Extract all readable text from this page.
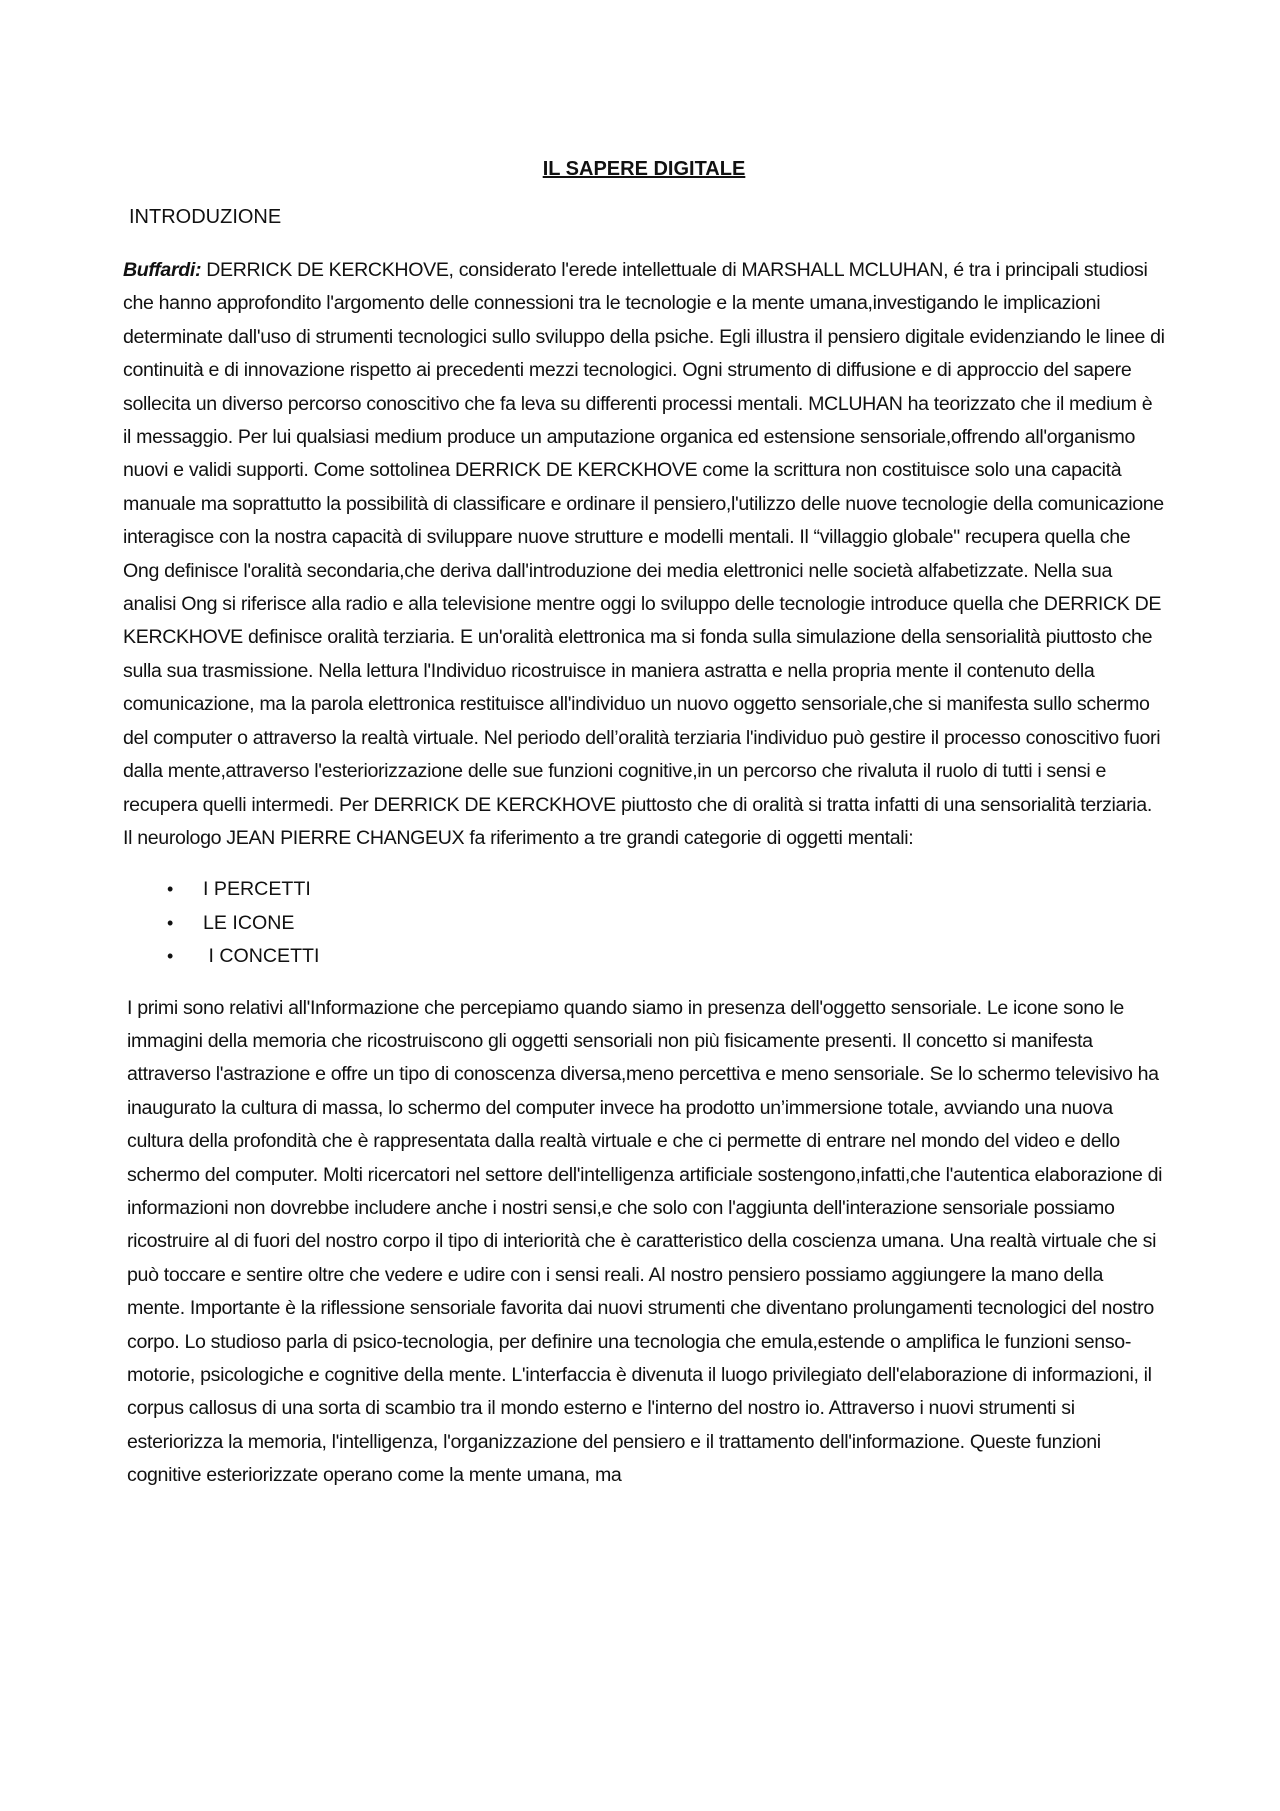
IL SAPERE DIGITALE
INTRODUZIONE

Buffardi: DERRICK DE KERCKHOVE, considerato l'erede intellettuale di MARSHALL MCLUHAN, é tra i principali studiosi che hanno approfondito l'argomento delle connessioni tra le tecnologie e la mente umana,investigando le implicazioni determinate dall'uso di strumenti tecnologici sullo sviluppo della psiche. Egli illustra il pensiero digitale evidenziando le linee di continuità e di innovazione rispetto ai precedenti mezzi tecnologici. Ogni strumento di diffusione e di approccio del sapere sollecita un diverso percorso conoscitivo che fa leva su differenti processi mentali. MCLUHAN ha teorizzato che il medium è il messaggio. Per lui qualsiasi medium produce un amputazione organica ed estensione sensoriale,offrendo all'organismo nuovi e validi supporti. Come sottolinea DERRICK DE KERCKHOVE come la scrittura non costituisce solo una capacità manuale ma soprattutto la possibilità di classificare e ordinare il pensiero,l'utilizzo delle nuove tecnologie della comunicazione interagisce con la nostra capacità di sviluppare nuove strutture e modelli mentali. Il “villaggio globale" recupera quella che Ong definisce l'oralità secondaria,che deriva dall'introduzione dei media elettronici nelle società alfabetizzate. Nella sua analisi Ong si riferisce alla radio e alla televisione mentre oggi lo sviluppo delle tecnologie introduce quella che DERRICK DE KERCKHOVE definisce oralità terziaria. E un'oralità elettronica ma si fonda sulla simulazione della sensorialità piuttosto che sulla sua trasmissione. Nella lettura l'Individuo ricostruisce in maniera astratta e nella propria mente il contenuto della comunicazione, ma la parola elettronica restituisce all'individuo un nuovo oggetto sensoriale,che si manifesta sullo schermo del computer o attraverso la realtà virtuale. Nel periodo dell’oralità terziaria l'individuo può gestire il processo conoscitivo fuori dalla mente,attraverso l'esteriorizzazione delle sue funzioni cognitive,in un percorso che rivaluta il ruolo di tutti i sensi e recupera quelli intermedi. Per DERRICK DE KERCKHOVE piuttosto che di oralità si tratta infatti di una sensorialità terziaria. Il neurologo JEAN PIERRE CHANGEUX fa riferimento a tre grandi categorie di oggetti mentali:

• I PERCETTI
• LE ICONE
• I CONCETTI

I primi sono relativi all'Informazione che percepiamo quando siamo in presenza dell'oggetto sensoriale. Le icone sono le immagini della memoria che ricostruiscono gli oggetti sensoriali non più fisicamente presenti. Il concetto si manifesta attraverso l'astrazione e offre un tipo di conoscenza diversa,meno percettiva e meno sensoriale. Se lo schermo televisivo ha inaugurato la cultura di massa, lo schermo del computer invece ha prodotto un’immersione totale, avviando una nuova cultura della profondità che è rappresentata dalla realtà virtuale e che ci permette di entrare nel mondo del video e dello schermo del computer. Molti ricercatori nel settore dell'intelligenza artificiale sostengono,infatti,che l'autentica elaborazione di informazioni non dovrebbe includere anche i nostri sensi,e che solo con l'aggiunta dell'interazione sensoriale possiamo ricostruire al di fuori del nostro corpo il tipo di interiorità che è caratteristico della coscienza umana. Una realtà virtuale che si può toccare e sentire oltre che vedere e udire con i sensi reali. Al nostro pensiero possiamo aggiungere la mano della mente. Importante è la riflessione sensoriale favorita dai nuovi strumenti che diventano prolungamenti tecnologici del nostro corpo. Lo studioso parla di psico-tecnologia, per definire una tecnologia che emula,estende o amplifica le funzioni senso-motorie, psicologiche e cognitive della mente. L'interfaccia è divenuta il luogo privilegiato dell'elaborazione di informazioni, il corpus callosus di una sorta di scambio tra il mondo esterno e l'interno del nostro io. Attraverso i nuovi strumenti si esteriorizza la memoria, l'intelligenza, l'organizzazione del pensiero e il trattamento dell'informazione. Queste funzioni cognitive esteriorizzate operano come la mente umana, ma
